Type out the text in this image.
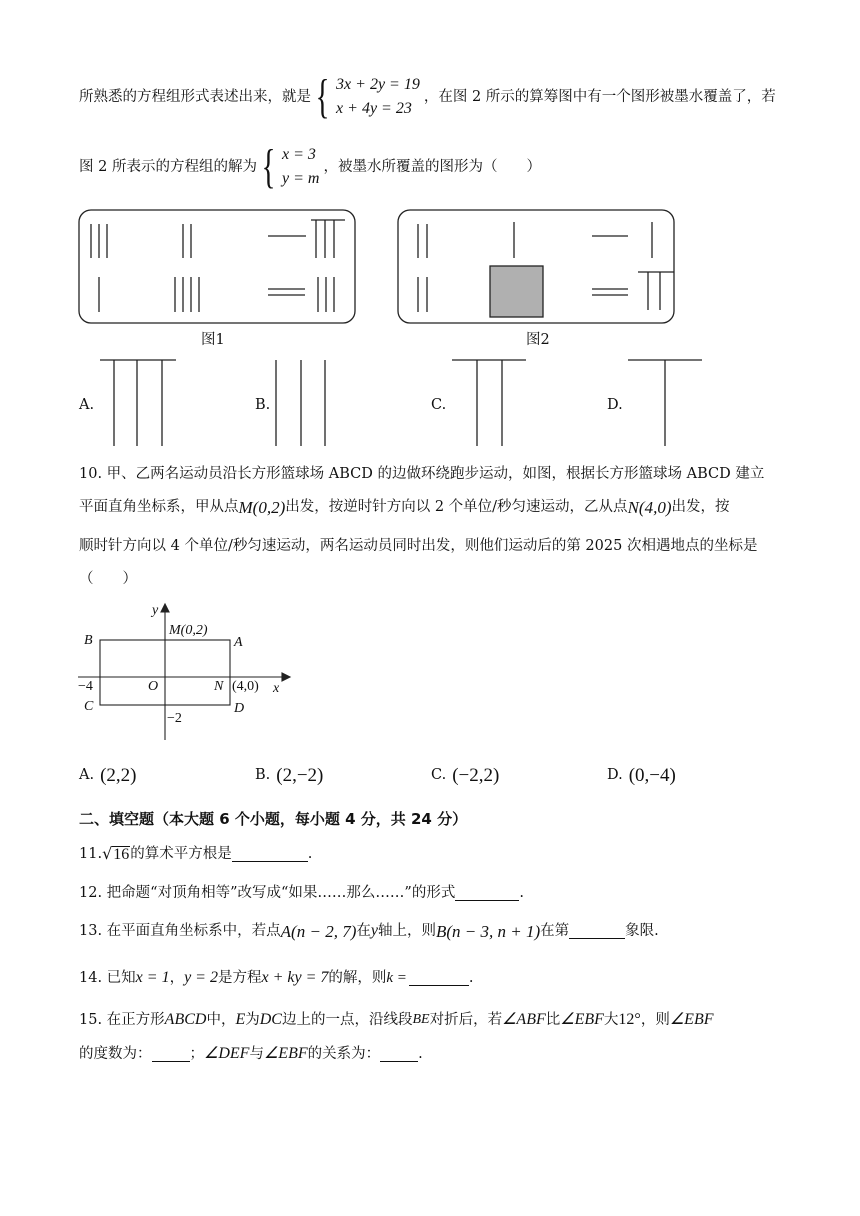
所熟悉的方程组形式表述出来，就是 { 3x + 2y = 19
x + 4y = 23
，在图 2 所示的算筹图中有一个图形被墨水覆盖了，若
图 2 所表示的方程组的解为 { x = 3
y = m
，被墨水所覆盖的图形为（　　）
图1	图2
A.	B.	C.	D.
10. 甲、乙两名运动员沿长方形篮球场 ABCD 的边做环绕跑步运动，如图，根据长方形篮球场 ABCD 建立
平面直角坐标系，甲从点 M(0,2) 出发，按逆时针方向以 2 个单位/秒匀速运动，乙从点 N(4,0) 出发，按
顺时针方向以 4 个单位/秒匀速运动，两名运动员同时出发，则他们运动后的第 2025 次相遇地点的坐标是
（　　）
y
x
B	A
C	D
O
M(0,2)
N (4,0)
−4
−2
A. (2,2)	B. (2,−2)	C. (−2,2)	D. (0,−4)
二、填空题（本大题 6 个小题，每小题 4 分，共 24 分）
11. √ 16 的算术平方根是	.
12. 把命题“对顶角相等”改写成“如果……那么……”的形式	.
13. 在平面直角坐标系中，若点 A(n − 2, 7) 在 y 轴上，则 B(n − 3, n + 1) 在第	象限.
14. 已知 x = 1 ， y = 2 是方程 x + ky = 7 的解，则 k =	.
15. 在正方形 ABCD 中， E 为 DC 边上的一点，沿线段 BE 对折后，若 ∠ABF 比 ∠EBF 大 12° ，则 ∠EBF
的度数为：	； ∠DEF 与 ∠EBF 的关系为：	.
